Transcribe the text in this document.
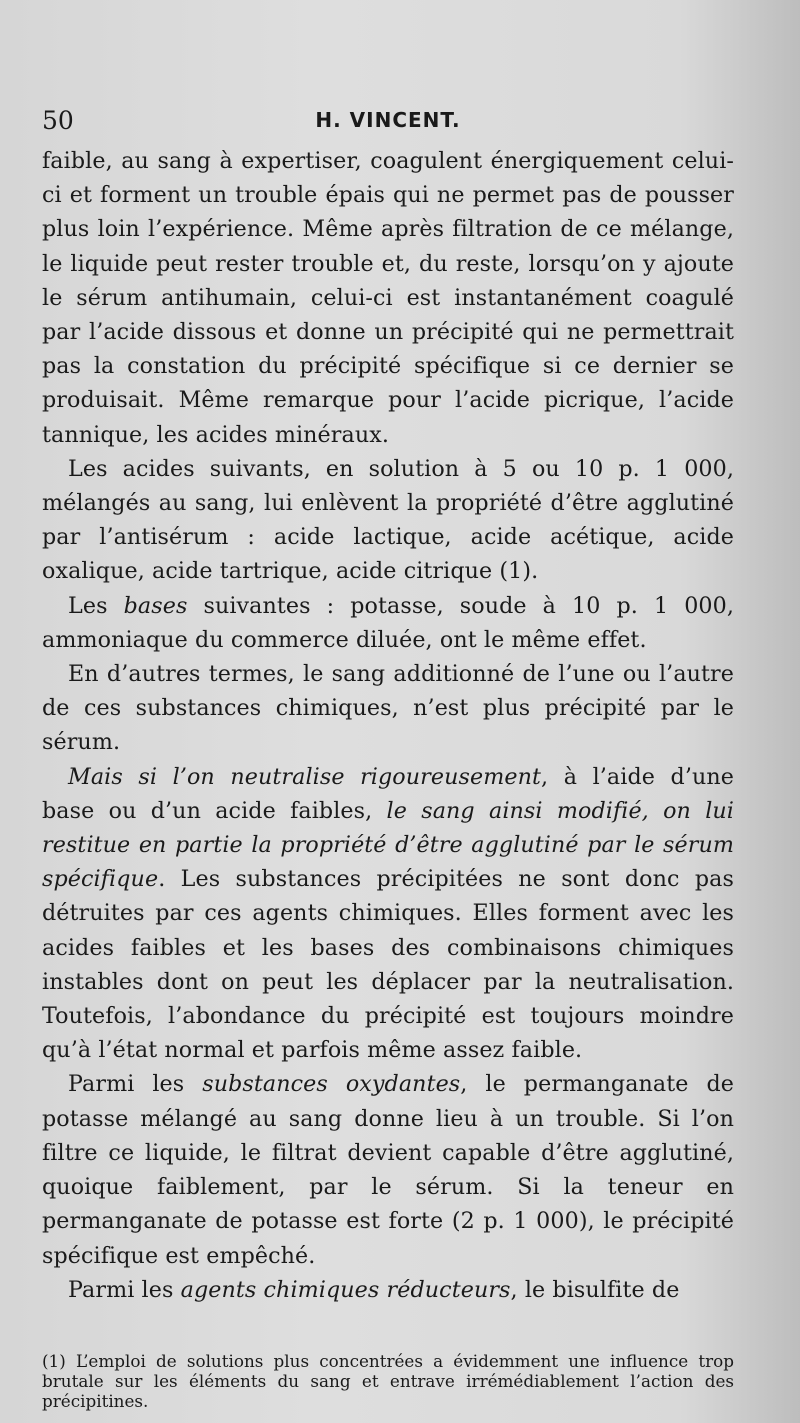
50	H. VINCENT.

faible, au sang à expertiser, coagulent énergiquement celui-ci et forment un trouble épais qui ne permet pas de pousser plus loin l’expérience. Même après filtration de ce mélange, le liquide peut rester trouble et, du reste, lorsqu’on y ajoute le sérum antihumain, celui-ci est instantanément coagulé par l’acide dissous et donne un précipité qui ne permettrait pas la constation du précipité spécifique si ce dernier se produisait. Même remarque pour l’acide picrique, l’acide tannique, les acides minéraux.

Les acides suivants, en solution à 5 ou 10 p. 1 000, mélangés au sang, lui enlèvent la propriété d’être agglutiné par l’antisérum : acide lactique, acide acétique, acide oxalique, acide tartrique, acide citrique (1).

Les bases suivantes : potasse, soude à 10 p. 1 000, ammoniaque du commerce diluée, ont le même effet.

En d’autres termes, le sang additionné de l’une ou l’autre de ces substances chimiques, n’est plus précipité par le sérum.

Mais si l’on neutralise rigoureusement, à l’aide d’une base ou d’un acide faibles, le sang ainsi modifié, on lui restitue en partie la propriété d’être agglutiné par le sérum spécifique. Les substances précipitées ne sont donc pas détruites par ces agents chimiques. Elles forment avec les acides faibles et les bases des combinaisons chimiques instables dont on peut les déplacer par la neutralisation. Toutefois, l’abondance du précipité est toujours moindre qu’à l’état normal et parfois même assez faible.

Parmi les substances oxydantes, le permanganate de potasse mélangé au sang donne lieu à un trouble. Si l’on filtre ce liquide, le filtrat devient capable d’être agglutiné, quoique faiblement, par le sérum. Si la teneur en permanganate de potasse est forte (2 p. 1 000), le précipité spécifique est empêché.

Parmi les agents chimiques réducteurs, le bisulfite de

(1) L’emploi de solutions plus concentrées a évidemment une influence trop brutale sur les éléments du sang et entrave irrémédiablement l’action des précipitines.
